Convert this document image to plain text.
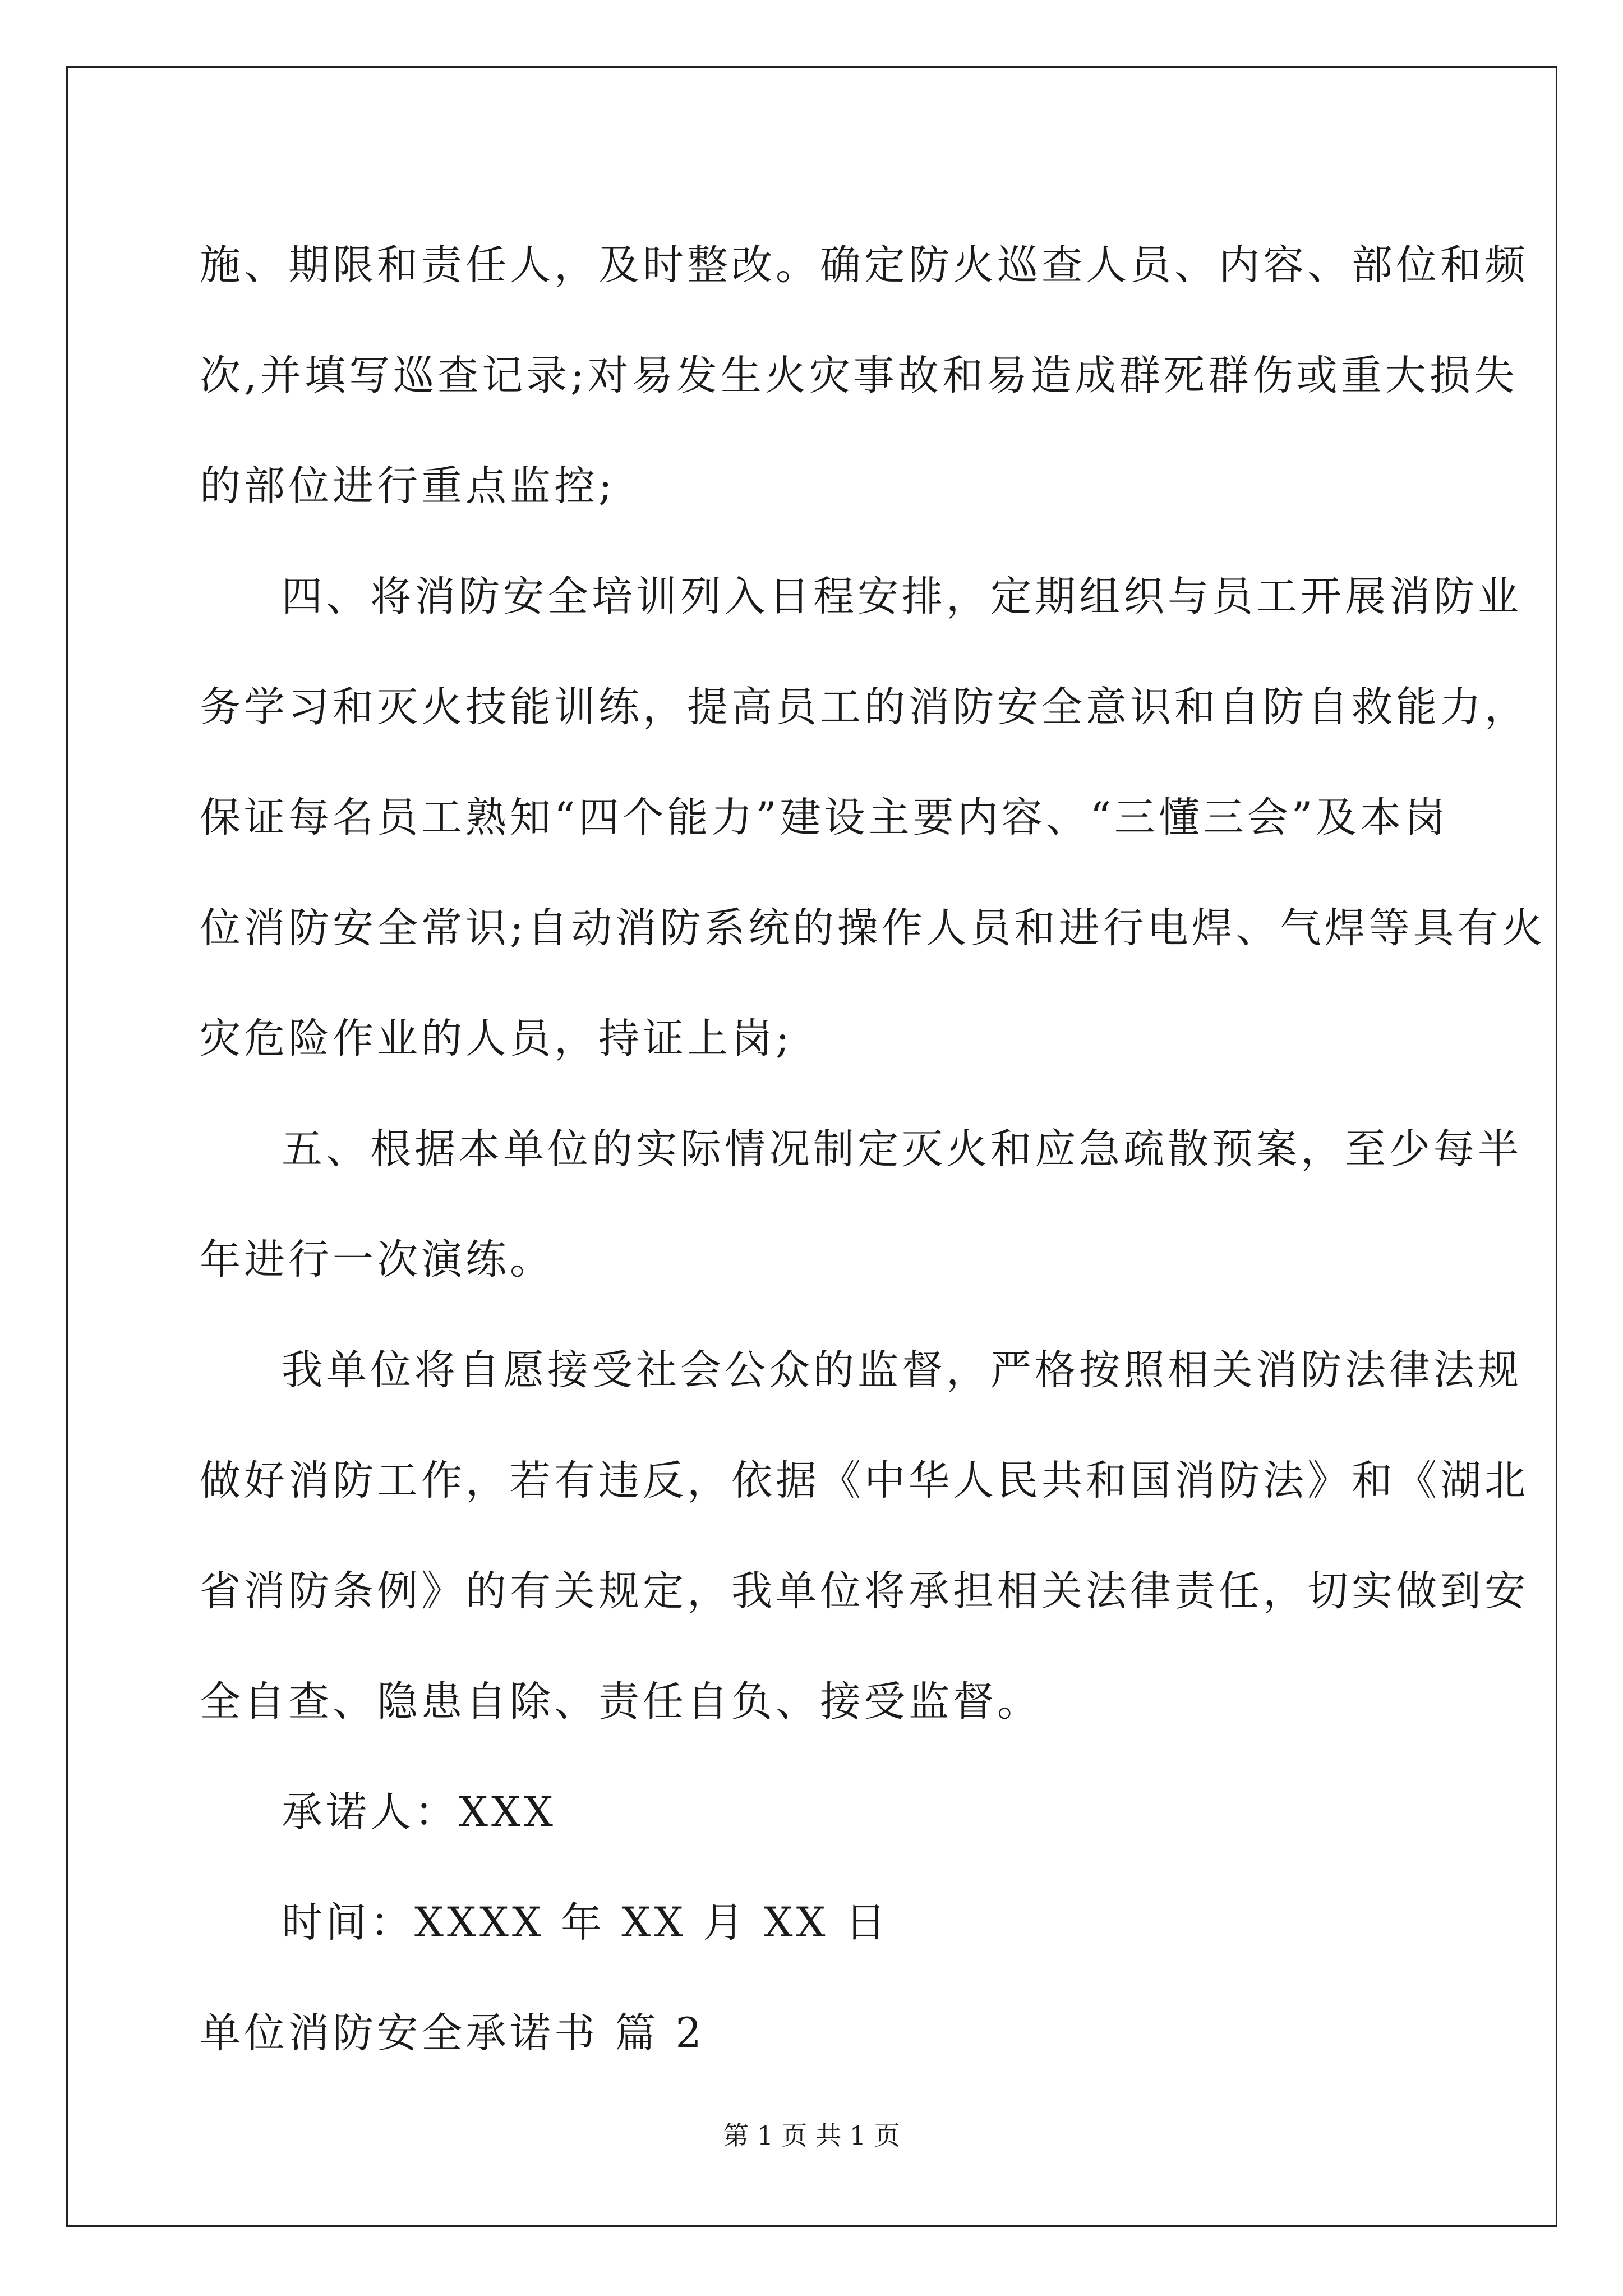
施、期限和责任人，及时整改。确定防火巡查人员、内容、部位和频
次,并填写巡查记录;对易发生火灾事故和易造成群死群伤或重大损失
的部位进行重点监控;
四、将消防安全培训列入日程安排，定期组织与员工开展消防业
务学习和灭火技能训练，提高员工的消防安全意识和自防自救能力，
保证每名员工熟知“四个能力”建设主要内容、“三懂三会”及本岗
位消防安全常识;自动消防系统的操作人员和进行电焊、气焊等具有火
灾危险作业的人员，持证上岗;
五、根据本单位的实际情况制定灭火和应急疏散预案，至少每半
年进行一次演练。
我单位将自愿接受社会公众的监督，严格按照相关消防法律法规
做好消防工作，若有违反，依据《中华人民共和国消防法》和《湖北
省消防条例》的有关规定，我单位将承担相关法律责任，切实做到安
全自查、隐患自除、责任自负、接受监督。
承诺人：XXX
时间：XXXX 年 XX 月 XX 日
单位消防安全承诺书 篇 2
第 1 页 共 1 页
